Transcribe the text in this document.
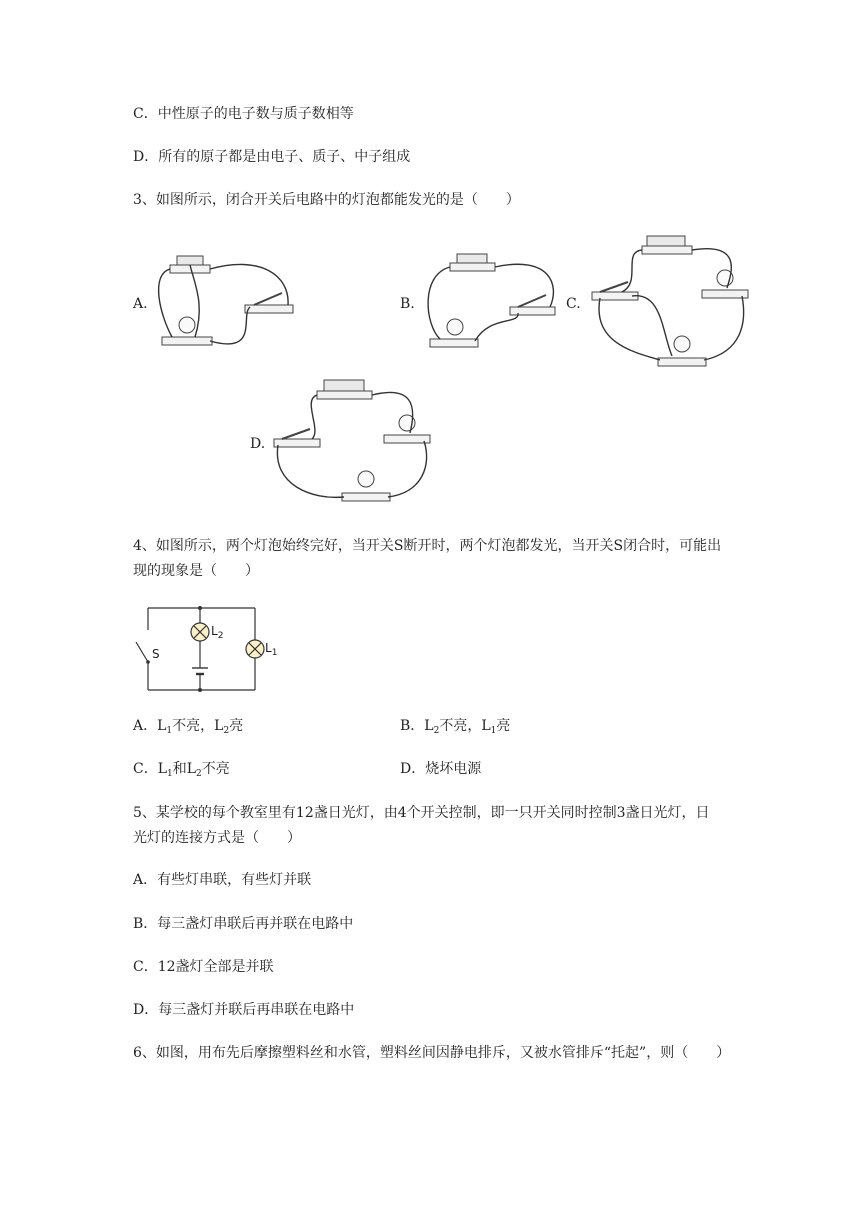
C．中性原子的电子数与质子数相等
D．所有的原子都是由电子、质子、中子组成
3、如图所示，闭合开关后电路中的灯泡都能发光的是（　　）
A.	B.	C.
D.
4、如图所示，两个灯泡始终完好，当开关S断开时，两个灯泡都发光，当开关S闭合时，可能出
现的现象是（　　）
S
$L_2$
$L_1$
A．$L_1$不亮，$L_2$亮	B．$L_2$不亮，$L_1$亮
C．$L_1$和$L_2$不亮	D．烧坏电源
5、某学校的每个教室里有12盏日光灯，由4个开关控制，即一只开关同时控制3盏日光灯，日
光灯的连接方式是（　　）
A．有些灯串联，有些灯并联
B．每三盏灯串联后再并联在电路中
C．12盏灯全部是并联
D．每三盏灯并联后再串联在电路中
6、如图，用布先后摩擦塑料丝和水管，塑料丝间因静电排斥，又被水管排斥“托起”，则（　　）
